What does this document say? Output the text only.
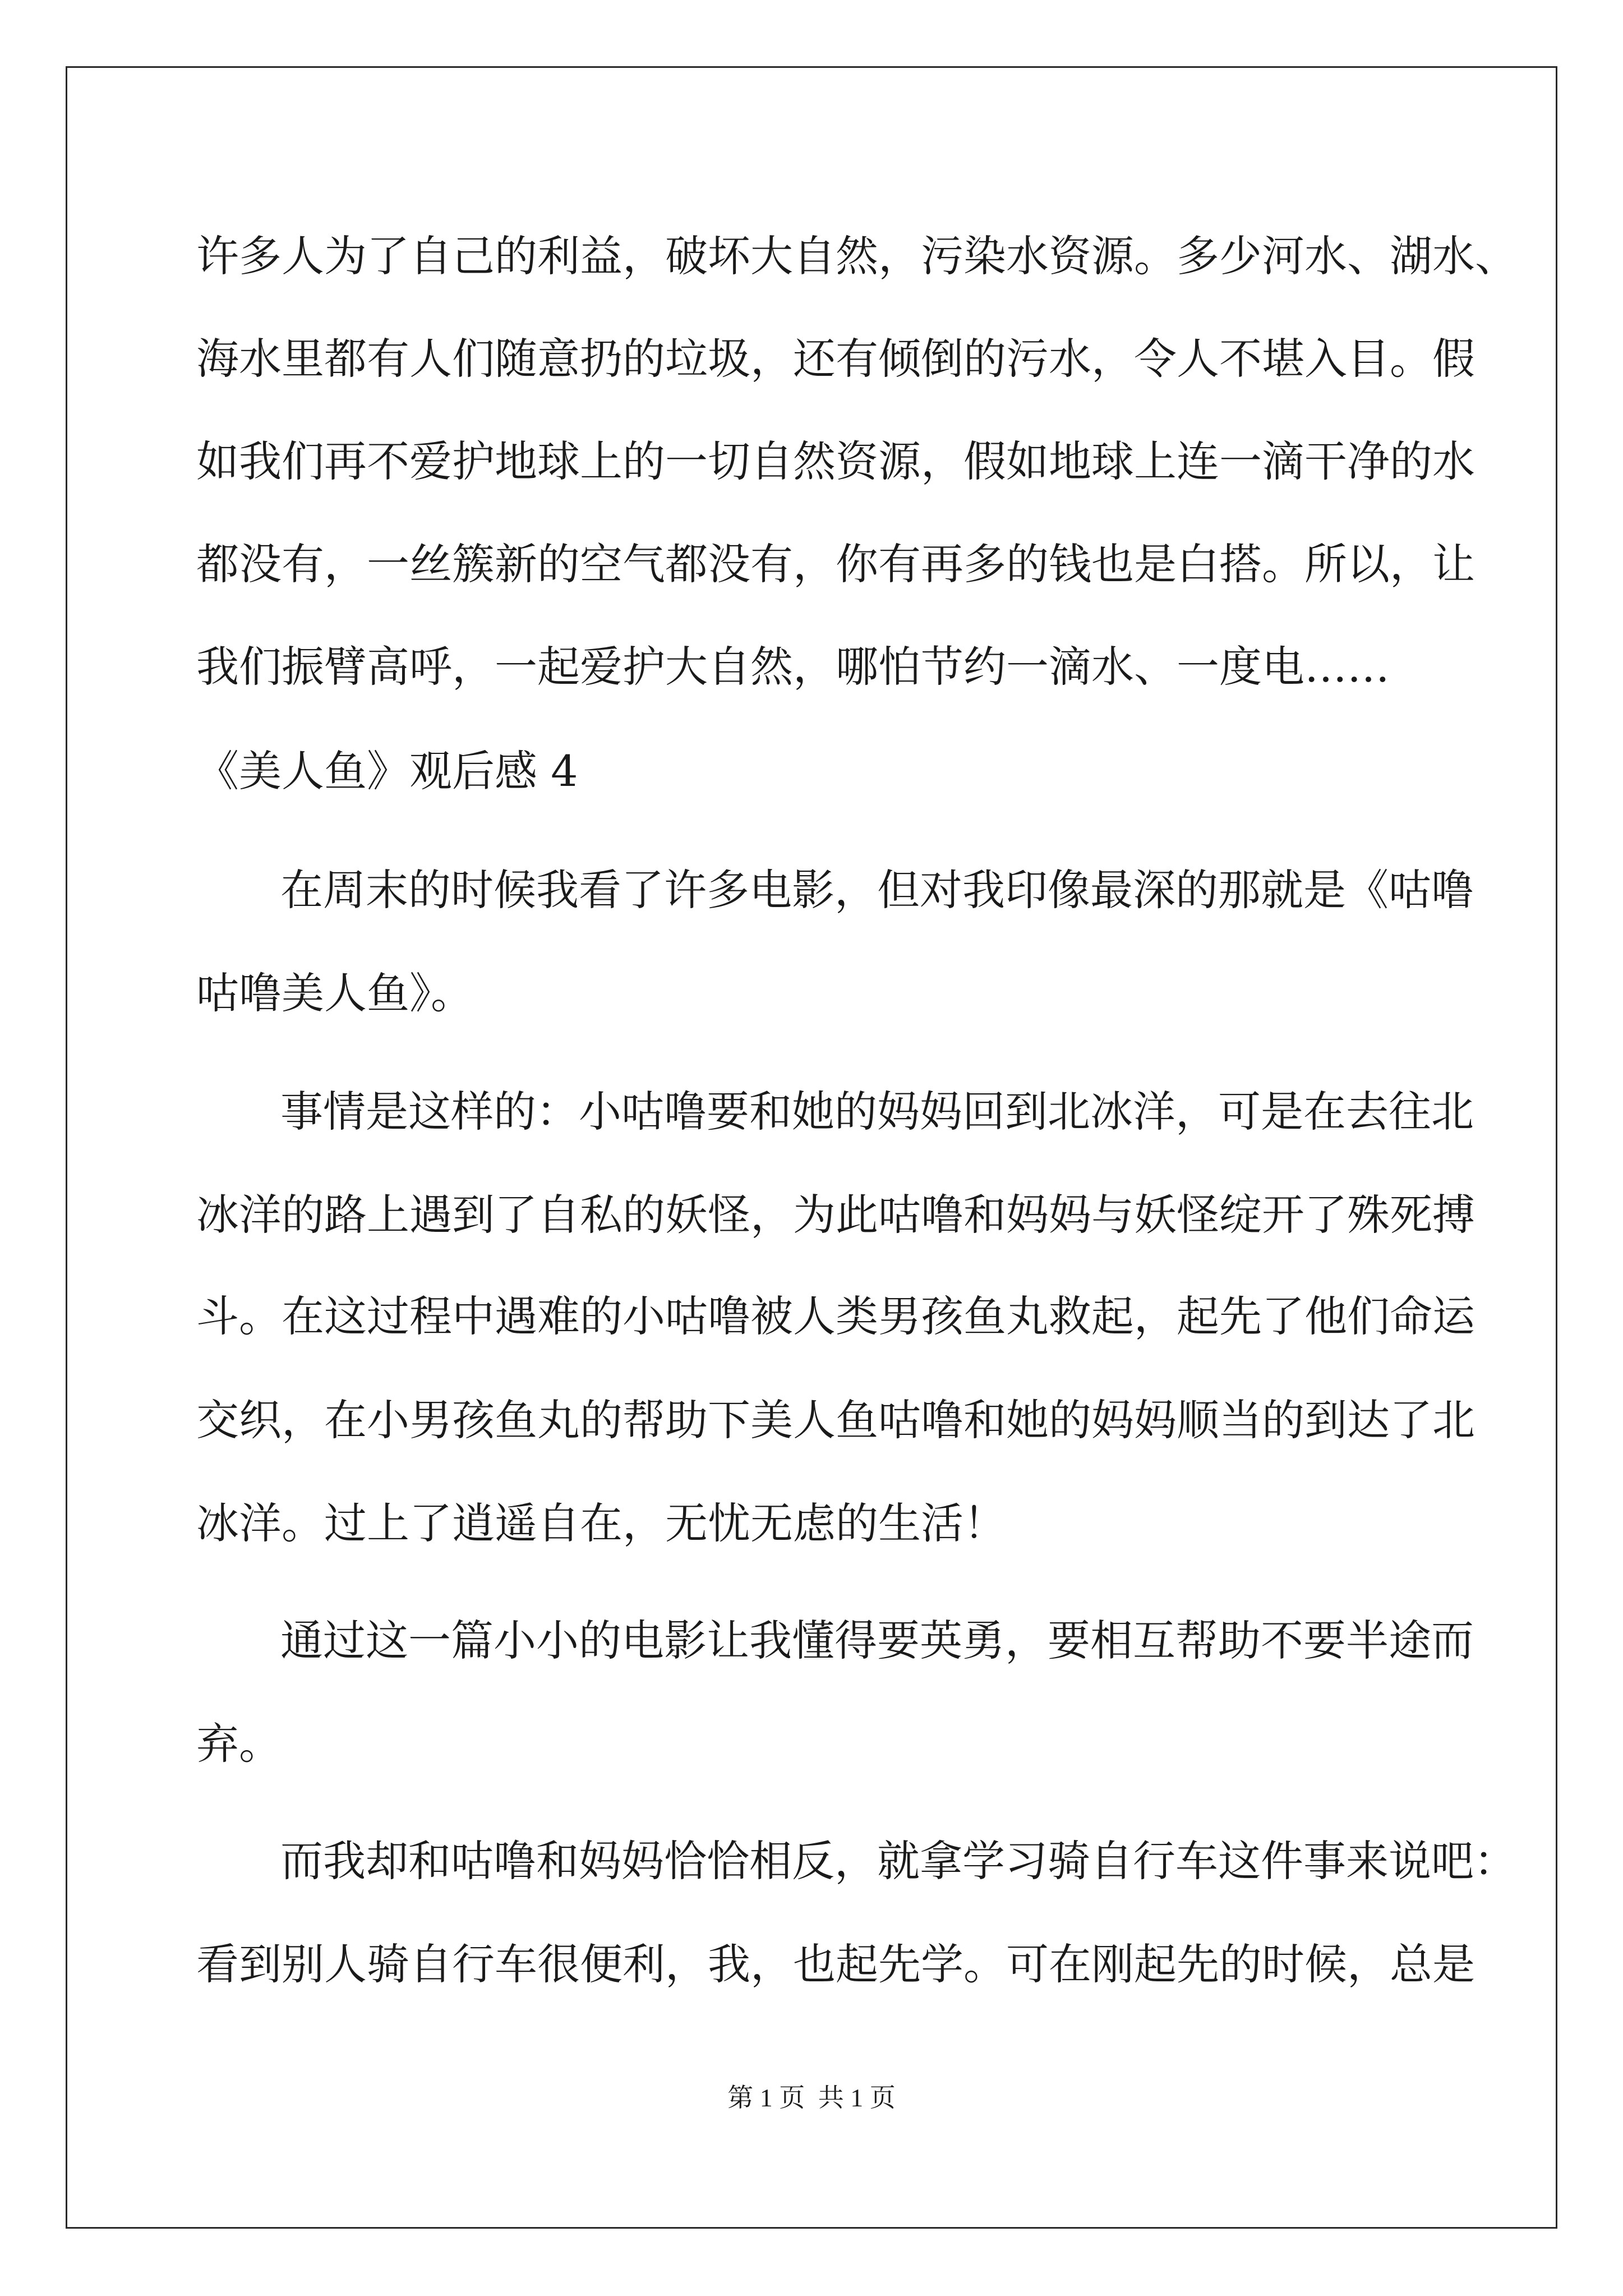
许多人为了自己的利益，破坏大自然，污染水资源。多少河水、湖水、
海水里都有人们随意扔的垃圾，还有倾倒的污水，令人不堪入目。假
如我们再不爱护地球上的一切自然资源，假如地球上连一滴干净的水
都没有，一丝簇新的空气都没有，你有再多的钱也是白搭。所以，让
我们振臂高呼，一起爱护大自然，哪怕节约一滴水、一度电……
《美人鱼》观后感 4
在周末的时候我看了许多电影，但对我印像最深的那就是《咕噜
咕噜美人鱼》。
事情是这样的：小咕噜要和她的妈妈回到北冰洋，可是在去往北
冰洋的路上遇到了自私的妖怪，为此咕噜和妈妈与妖怪绽开了殊死搏
斗。在这过程中遇难的小咕噜被人类男孩鱼丸救起，起先了他们命运
交织，在小男孩鱼丸的帮助下美人鱼咕噜和她的妈妈顺当的到达了北
冰洋。过上了逍遥自在，无忧无虑的生活！
通过这一篇小小的电影让我懂得要英勇，要相互帮助不要半途而
弃。
而我却和咕噜和妈妈恰恰相反，就拿学习骑自行车这件事来说吧：
看到别人骑自行车很便利，我，也起先学。可在刚起先的时候，总是
第 1 页 共 1 页
